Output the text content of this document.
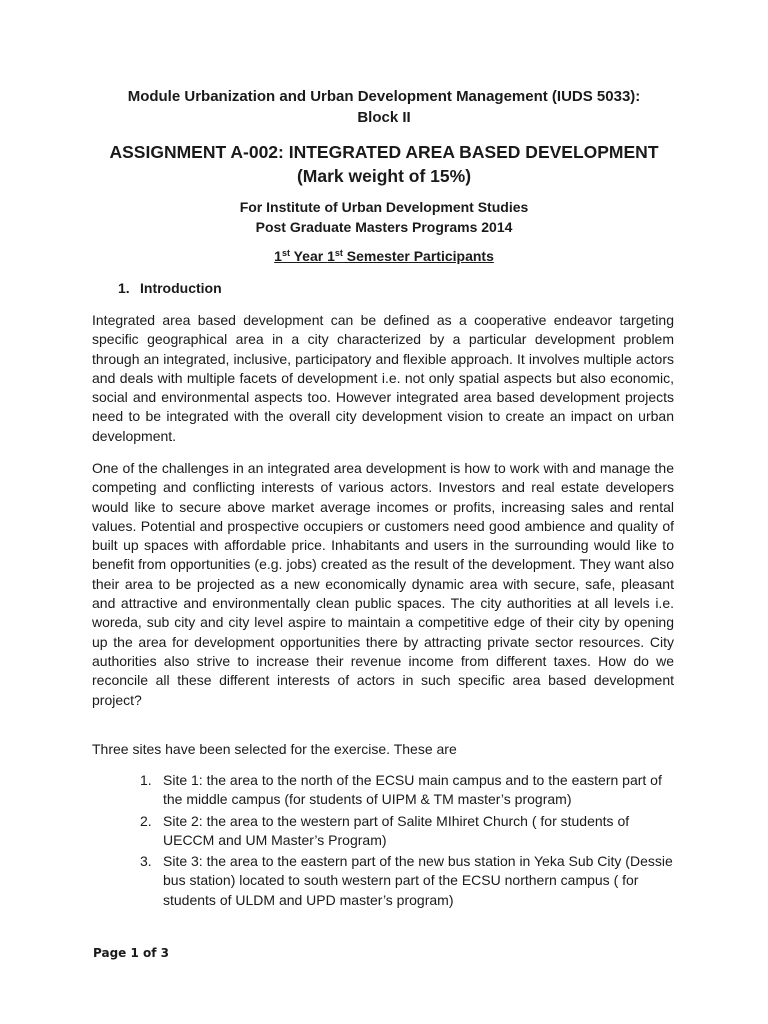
Module Urbanization and Urban Development Management (IUDS 5033):
Block II
ASSIGNMENT A-002: INTEGRATED AREA BASED DEVELOPMENT
(Mark weight of 15%)
For Institute of Urban Development Studies
Post Graduate Masters Programs 2014
1st Year 1st Semester Participants
1. Introduction

Integrated area based development can be defined as a cooperative endeavor targeting specific geographical area in a city characterized by a particular development problem through an integrated, inclusive, participatory and flexible approach. It involves multiple actors and deals with multiple facets of development i.e. not only spatial aspects but also economic, social and environmental aspects too. However integrated area based development projects need to be integrated with the overall city development vision to create an impact on urban development.

One of the challenges in an integrated area development is how to work with and manage the competing and conflicting interests of various actors. Investors and real estate developers would like to secure above market average incomes or profits, increasing sales and rental values. Potential and prospective occupiers or customers need good ambience and quality of built up spaces with affordable price. Inhabitants and users in the surrounding would like to benefit from opportunities (e.g. jobs) created as the result of the development. They want also their area to be projected as a new economically dynamic area with secure, safe, pleasant and attractive and environmentally clean public spaces. The city authorities at all levels i.e. woreda, sub city and city level aspire to maintain a competitive edge of their city by opening up the area for development opportunities there by attracting private sector resources. City authorities also strive to increase their revenue income from different taxes. How do we reconcile all these different interests of actors in such specific area based development project?

Three sites have been selected for the exercise. These are

1. Site 1: the area to the north of the ECSU main campus and to the eastern part of the middle campus (for students of UIPM & TM master’s program)
2. Site 2: the area to the western part of Salite MIhiret Church ( for students of UECCM and UM Master’s Program)
3. Site 3: the area to the eastern part of the new bus station in Yeka Sub City (Dessie bus station) located to south western part of the ECSU northern campus ( for students of ULDM and UPD master’s program)
Page 1 of 3
